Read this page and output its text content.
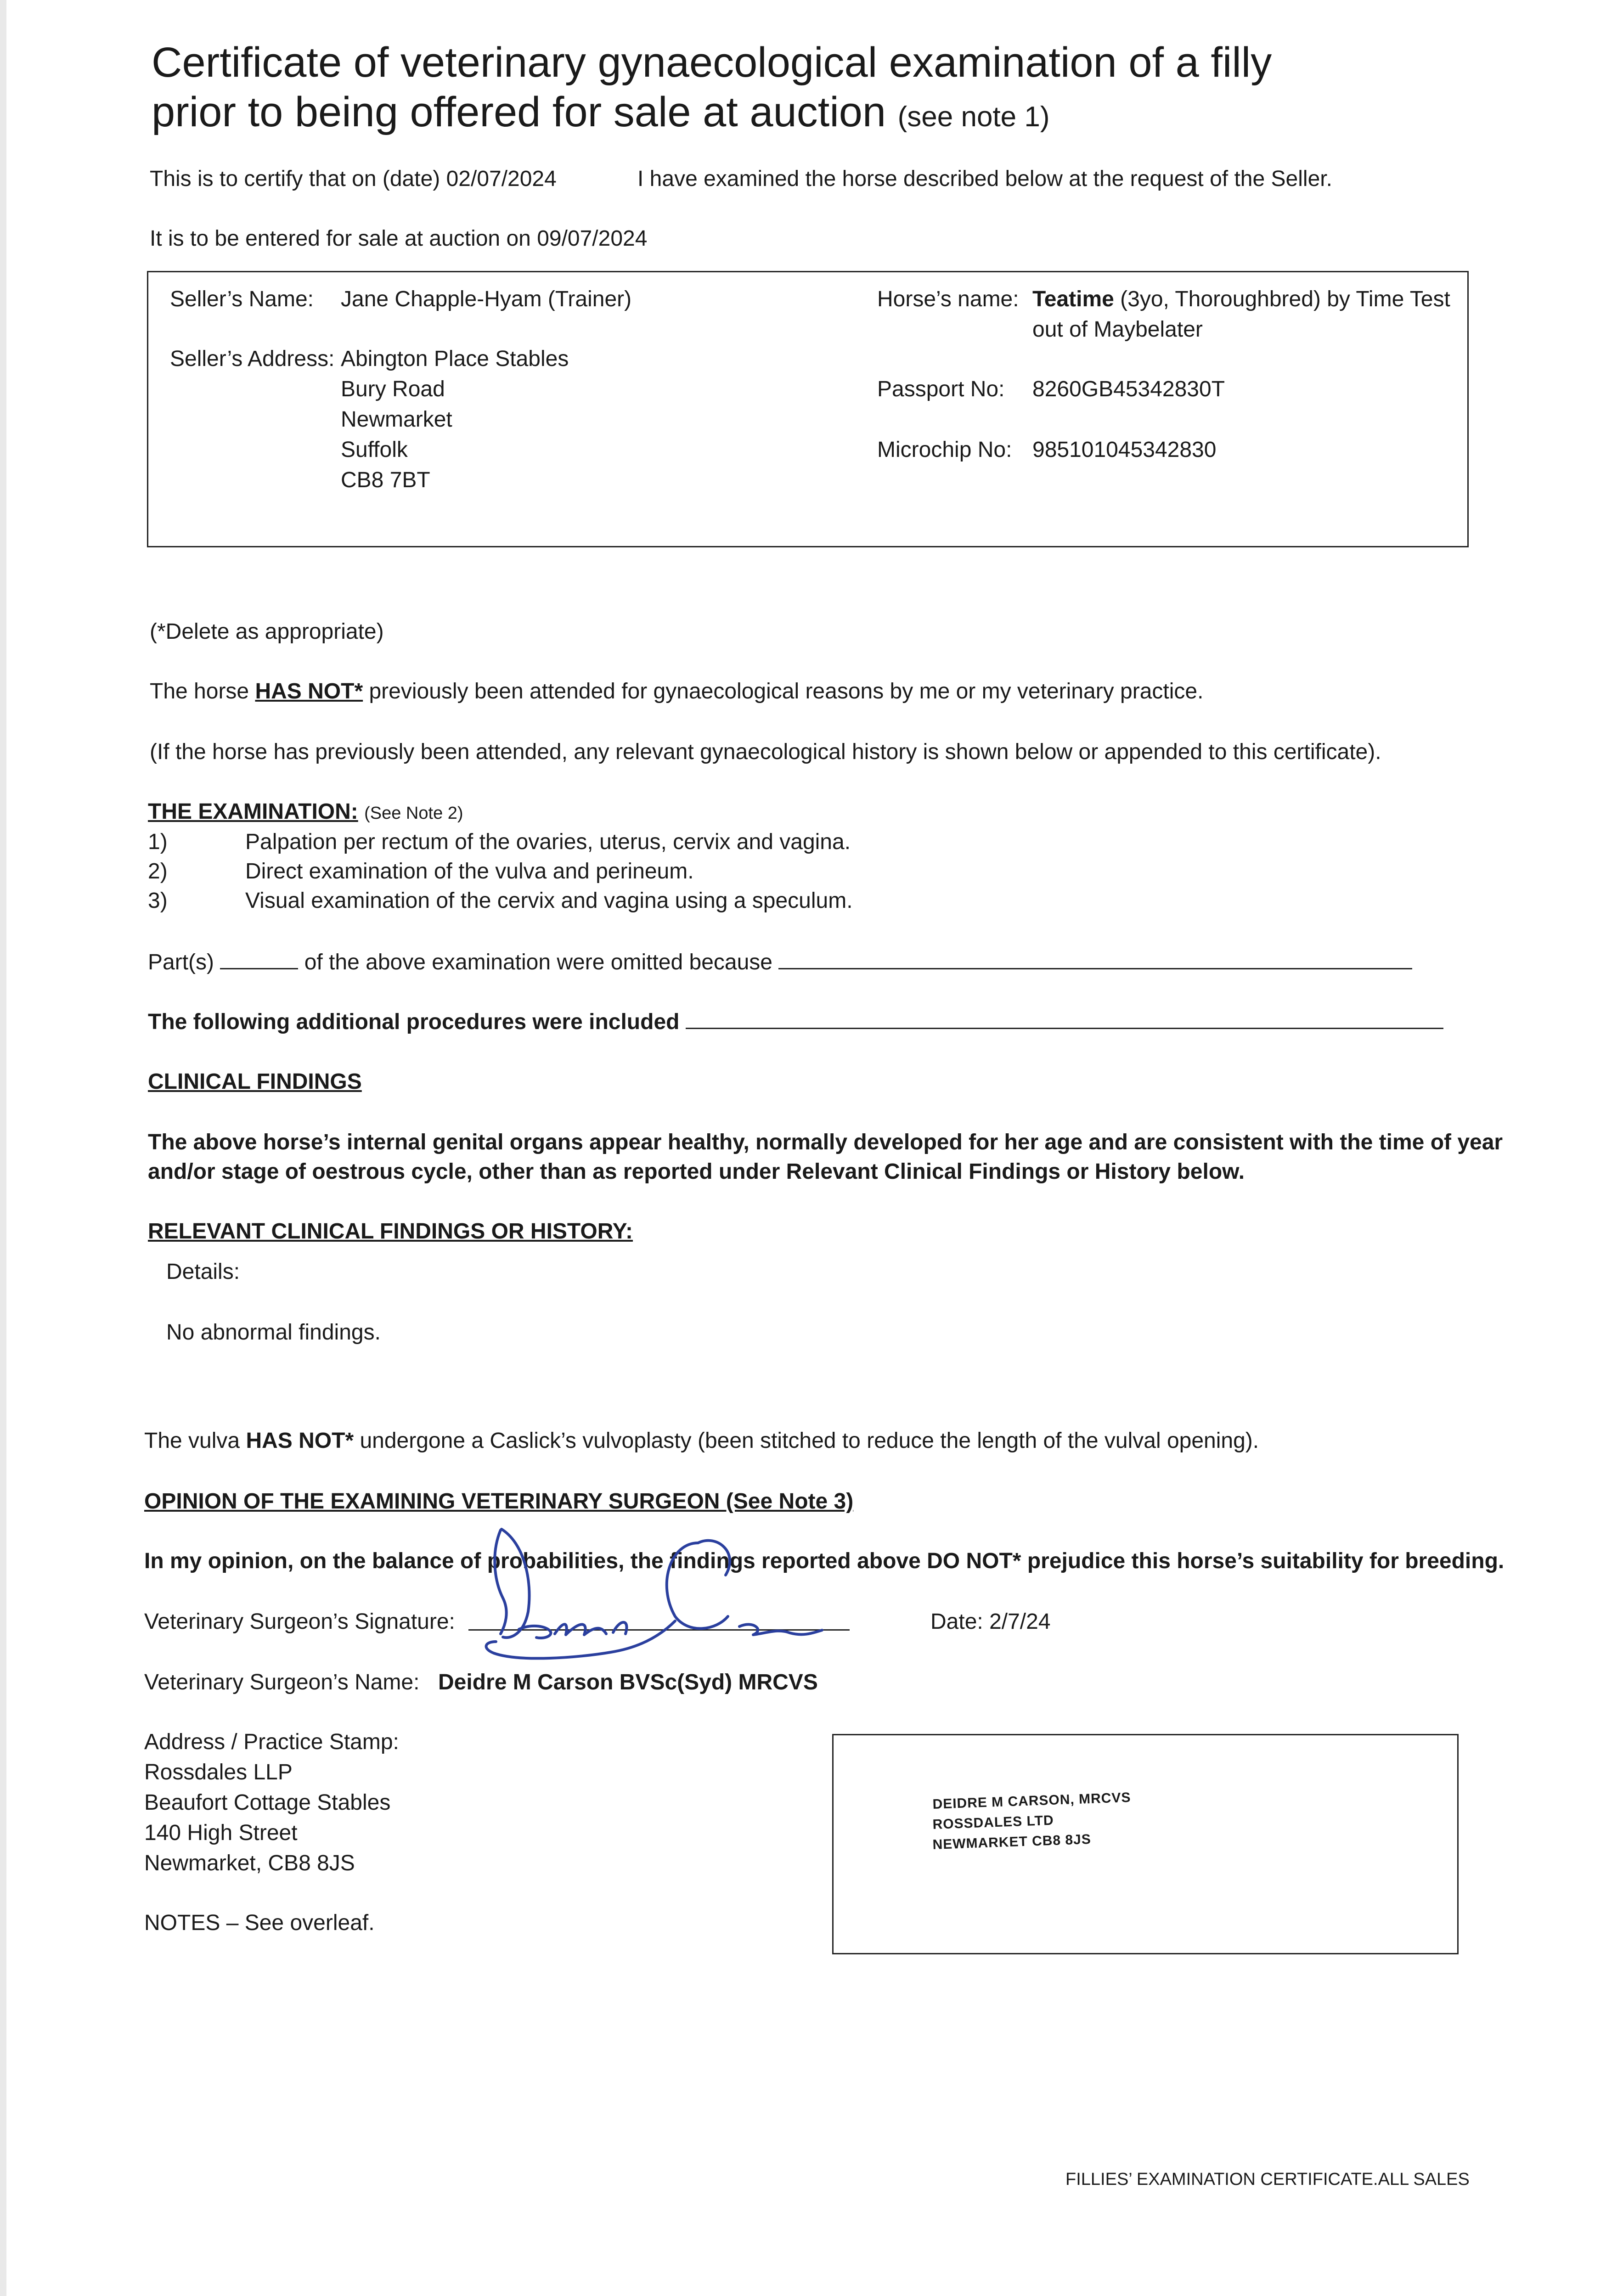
Certificate of veterinary gynaecological examination of a filly
prior to being offered for sale at auction (see note 1)
This is to certify that on (date) 02/07/2024	I have examined the horse described below at the request of the Seller.
It is to be entered for sale at auction on 09/07/2024
Seller’s Name: Jane Chapple-Hyam (Trainer)
Seller’s Address: Abington Place Stables
Bury Road
Newmarket
Suffolk
CB8 7BT
Horse’s name: Teatime (3yo, Thoroughbred) by Time Test
out of Maybelater
Passport No: 8260GB45342830T
Microchip No: 985101045342830
(*Delete as appropriate)
The horse HAS NOT* previously been attended for gynaecological reasons by me or my veterinary practice.
(If the horse has previously been attended, any relevant gynaecological history is shown below or appended to this certificate).
THE EXAMINATION: (See Note 2)
1)	Palpation per rectum of the ovaries, uterus, cervix and vagina.
2)	Direct examination of the vulva and perineum.
3)	Visual examination of the cervix and vagina using a speculum.
Part(s)	of the above examination were omitted because
The following additional procedures were included
CLINICAL FINDINGS
The above horse’s internal genital organs appear healthy, normally developed for her age and are consistent with the time of year
and/or stage of oestrous cycle, other than as reported under Relevant Clinical Findings or History below.
RELEVANT CLINICAL FINDINGS OR HISTORY:
Details:
No abnormal findings.
The vulva HAS NOT* undergone a Caslick’s vulvoplasty (been stitched to reduce the length of the vulval opening).
OPINION OF THE EXAMINING VETERINARY SURGEON (See Note 3)
In my opinion, on the balance of probabilities, the findings reported above DO NOT* prejudice this horse’s suitability for breeding.
Veterinary Surgeon’s Signature:	Date: 2/7/24
Veterinary Surgeon’s Name: Deidre M Carson BVSc(Syd) MRCVS
Address / Practice Stamp:
Rossdales LLP
Beaufort Cottage Stables
140 High Street
Newmarket, CB8 8JS
NOTES – See overleaf.
DEIDRE M CARSON, MRCVS
ROSSDALES LTD
NEWMARKET CB8 8JS
FILLIES’ EXAMINATION CERTIFICATE.ALL SALES
